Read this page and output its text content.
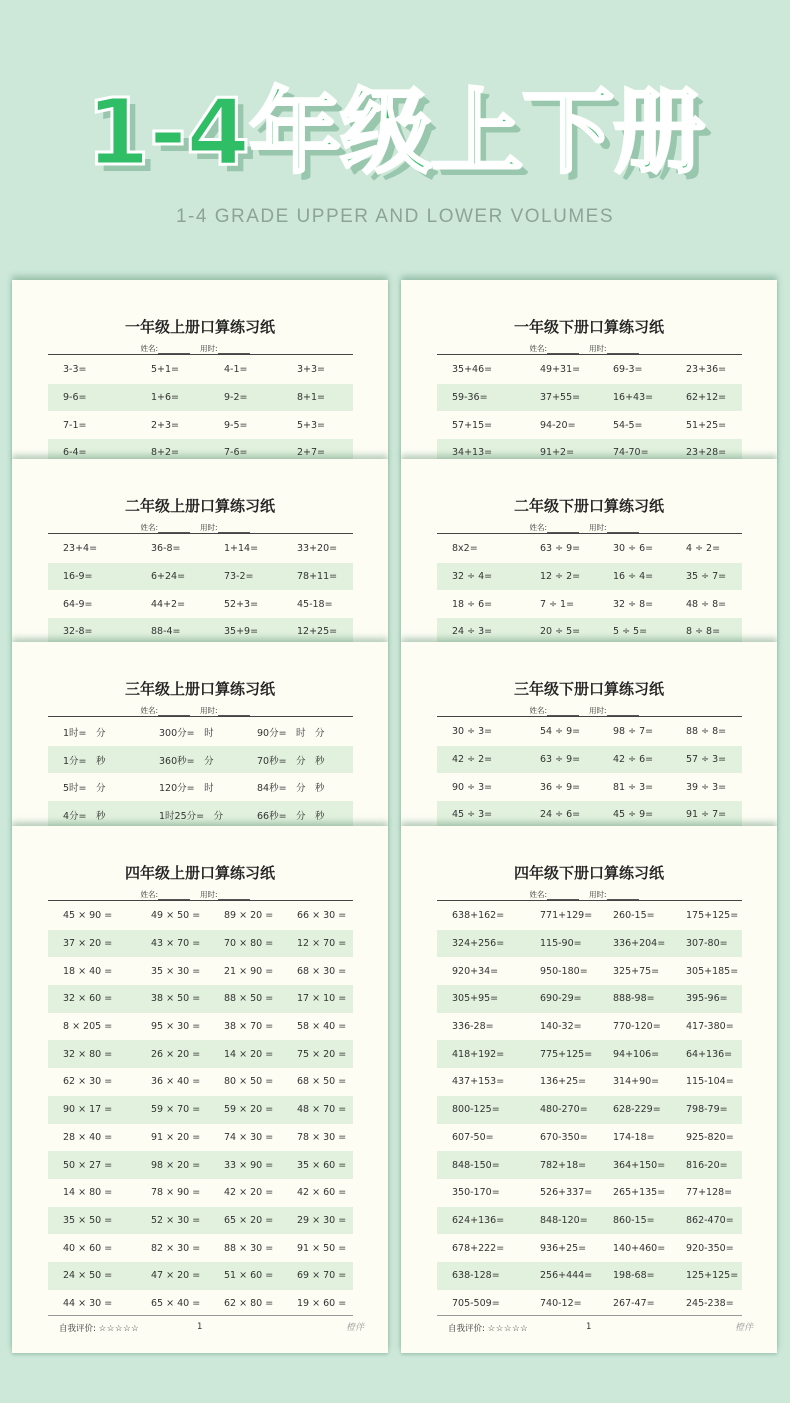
1-4年级上下册
1-4 GRADE UPPER AND LOWER VOLUMES
一年级上册口算练习纸
姓名:	用时:
3-3=	5+1=	4-1=	3+3=
9-6=	1+6=	9-2=	8+1=
7-1=	2+3=	9-5=	5+3=
6-4=	8+2=	7-6=	2+7=
一年级下册口算练习纸
姓名:	用时:
35+46=	49+31=	69-3=	23+36=
59-36=	37+55=	16+43=	62+12=
57+15=	94-20=	54-5=	51+25=
34+13=	91+2=	74-70=	23+28=
二年级上册口算练习纸
姓名:	用时:
23+4=	36-8=	1+14=	33+20=
16-9=	6+24=	73-2=	78+11=
64-9=	44+2=	52+3=	45-18=
32-8=	88-4=	35+9=	12+25=
二年级下册口算练习纸
姓名:	用时:
8x2=	63 ÷ 9=	30 ÷ 6=	4 ÷ 2=
32 ÷ 4=	12 ÷ 2=	16 ÷ 4=	35 ÷ 7=
18 ÷ 6=	7 ÷ 1=	32 ÷ 8=	48 ÷ 8=
24 ÷ 3=	20 ÷ 5=	5 ÷ 5=	8 ÷ 8=
三年级上册口算练习纸
姓名:	用时:
1时=　分	300分=　时	90分=　时　分
1分=　秒	360秒=　分	70秒=　分　秒
5时=　分	120分=　时	84秒=　分　秒
4分=　秒	1时25分=　分	66秒=　分　秒
三年级下册口算练习纸
姓名:	用时:
30 ÷ 3=	54 ÷ 9=	98 ÷ 7=	88 ÷ 8=
42 ÷ 2=	63 ÷ 9=	42 ÷ 6=	57 ÷ 3=
90 ÷ 3=	36 ÷ 9=	81 ÷ 3=	39 ÷ 3=
45 ÷ 3=	24 ÷ 6=	45 ÷ 9=	91 ÷ 7=
四年级上册口算练习纸
姓名:	用时:
45 × 90 =	49 × 50 =	89 × 20 =	66 × 30 =
37 × 20 =	43 × 70 =	70 × 80 =	12 × 70 =
18 × 40 =	35 × 30 =	21 × 90 =	68 × 30 =
32 × 60 =	38 × 50 =	88 × 50 =	17 × 10 =
8 × 205 =	95 × 30 =	38 × 70 =	58 × 40 =
32 × 80 =	26 × 20 =	14 × 20 =	75 × 20 =
62 × 30 =	36 × 40 =	80 × 50 =	68 × 50 =
90 × 17 =	59 × 70 =	59 × 20 =	48 × 70 =
28 × 40 =	91 × 20 =	74 × 30 =	78 × 30 =
50 × 27 =	98 × 20 =	33 × 90 =	35 × 60 =
14 × 80 =	78 × 90 =	42 × 20 =	42 × 60 =
35 × 50 =	52 × 30 =	65 × 20 =	29 × 30 =
40 × 60 =	82 × 30 =	88 × 30 =	91 × 50 =
24 × 50 =	47 × 20 =	51 × 60 =	69 × 70 =
44 × 30 =	65 × 40 =	62 × 80 =	19 × 60 =
自我评价: ☆☆☆☆☆	1	橙伴
四年级下册口算练习纸
姓名:	用时:
638+162=	771+129=	260-15=	175+125=
324+256=	115-90=	336+204=	307-80=
920+34=	950-180=	325+75=	305+185=
305+95=	690-29=	888-98=	395-96=
336-28=	140-32=	770-120=	417-380=
418+192=	775+125=	94+106=	64+136=
437+153=	136+25=	314+90=	115-104=
800-125=	480-270=	628-229=	798-79=
607-50=	670-350=	174-18=	925-820=
848-150=	782+18=	364+150=	816-20=
350-170=	526+337=	265+135=	77+128=
624+136=	848-120=	860-15=	862-470=
678+222=	936+25=	140+460=	920-350=
638-128=	256+444=	198-68=	125+125=
705-509=	740-12=	267-47=	245-238=
自我评价: ☆☆☆☆☆	1	橙伴
